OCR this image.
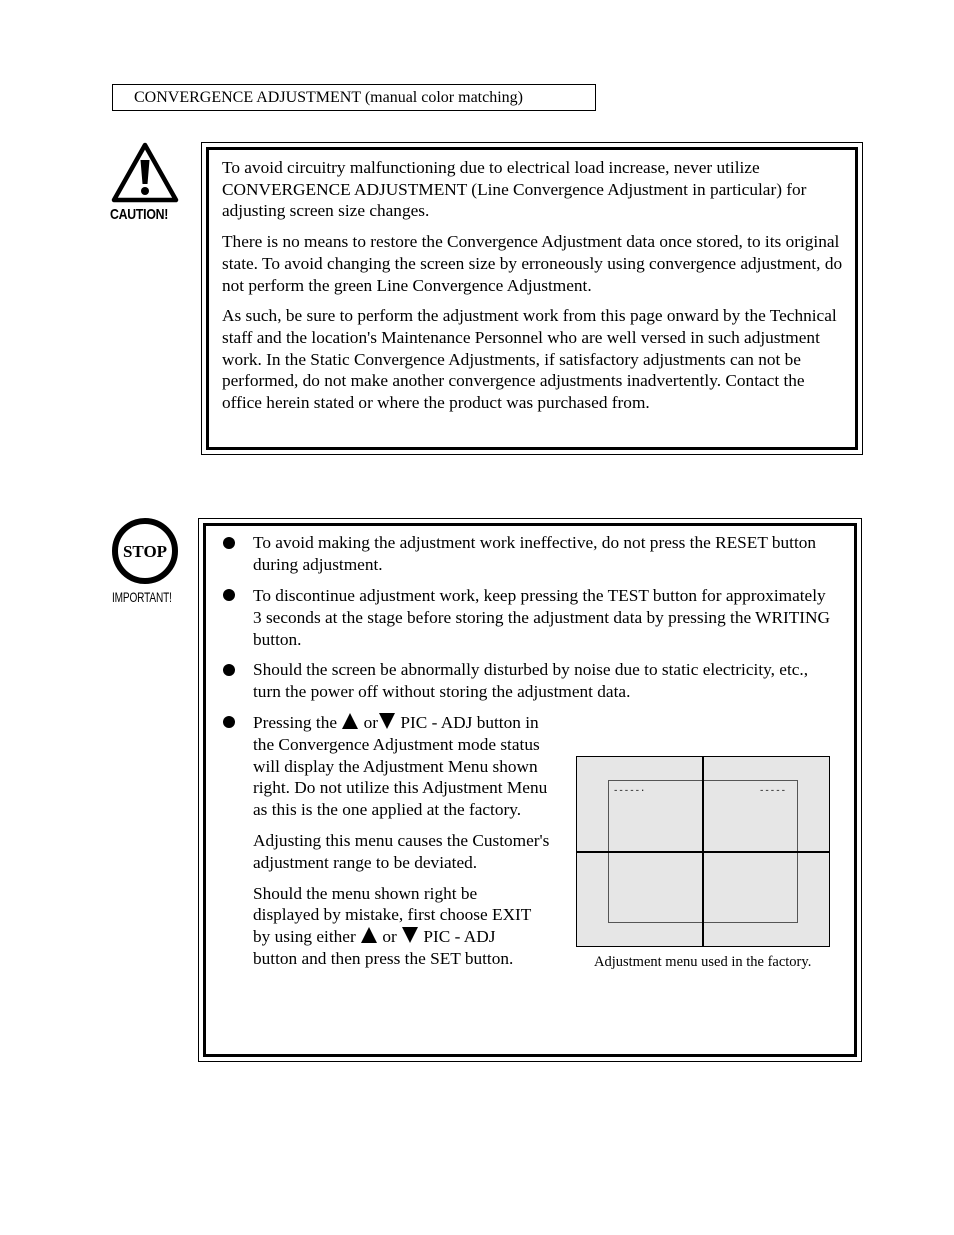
CONVERGENCE ADJUSTMENT (manual color matching)
CAUTION!

To avoid circuitry malfunctioning due to electrical load increase, never utilize CONVERGENCE ADJUSTMENT (Line Convergence Adjustment in particular) for adjusting screen size changes.

There is no means to restore the Convergence Adjustment data once stored, to its original state. To avoid changing the screen size by erroneously using convergence adjustment, do not perform the green Line Convergence Adjustment.

As such, be sure to perform the adjustment work from this page onward by the Technical staff and the location's Maintenance Personnel who are well versed in such adjustment work. In the Static Convergence Adjustments, if satisfactory adjustments can not be performed, do not make another convergence adjustments inadvertently. Contact the office herein stated or where the product was purchased from.

STOP
IMPORTANT!
To avoid making the adjustment work ineffective, do not press the RESET button during adjustment.
To discontinue adjustment work, keep pressing the TEST button for approximately 3 seconds at the stage before storing the adjustment data by pressing the WRITING button.
Should the screen be abnormally disturbed by noise due to static electricity, etc., turn the power off without storing the adjustment data.

Pressing the  or PIC - ADJ button in the Convergence Adjustment mode status will display the Adjustment Menu shown right. Do not utilize this Adjustment Menu as this is the one applied at the factory.

Adjusting this menu causes the Customer's adjustment range to be deviated.

Should the menu shown right be displayed by mistake, first choose EXIT by using either  or  PIC - ADJ button and then press the SET button.

-----·	-----
Adjustment menu used in the factory.
